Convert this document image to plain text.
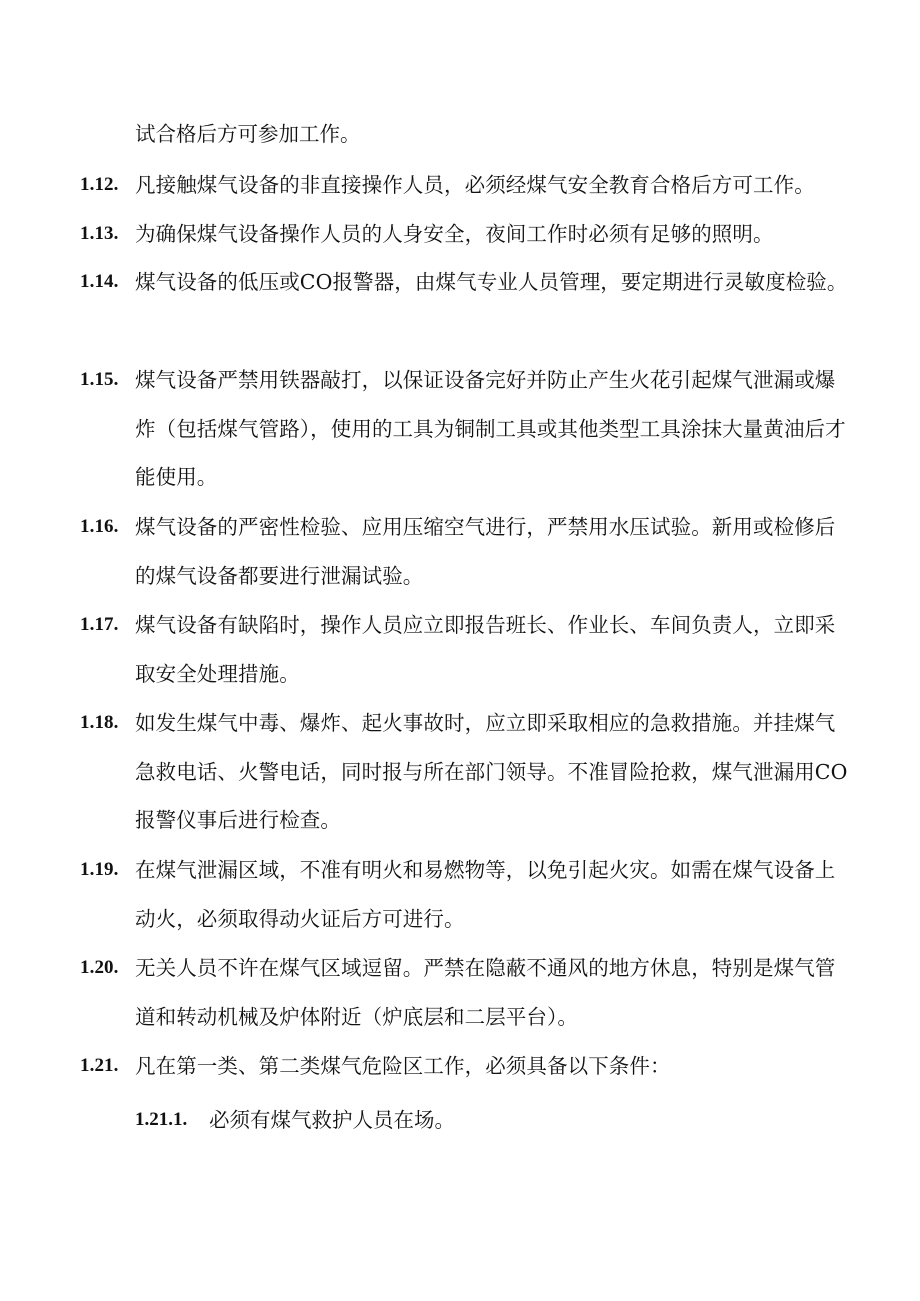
试合格后方可参加工作。
1.12. 凡接触煤气设备的非直接操作人员，必须经煤气安全教育合格后方可工作。
1.13. 为确保煤气设备操作人员的人身安全，夜间工作时必须有足够的照明。
1.14. 煤气设备的低压或CO报警器，由煤气专业人员管理，要定期进行灵敏度检验。
1.15. 煤气设备严禁用铁器敲打，以保证设备完好并防止产生火花引起煤气泄漏或爆炸（包括煤气管路），使用的工具为铜制工具或其他类型工具涂抹大量黄油后才能使用。
1.16. 煤气设备的严密性检验、应用压缩空气进行，严禁用水压试验。新用或检修后的煤气设备都要进行泄漏试验。
1.17. 煤气设备有缺陷时，操作人员应立即报告班长、作业长、车间负责人，立即采取安全处理措施。
1.18. 如发生煤气中毒、爆炸、起火事故时，应立即采取相应的急救措施。并挂煤气急救电话、火警电话，同时报与所在部门领导。不准冒险抢救，煤气泄漏用CO报警仪事后进行检查。
1.19. 在煤气泄漏区域，不准有明火和易燃物等，以免引起火灾。如需在煤气设备上动火，必须取得动火证后方可进行。
1.20. 无关人员不许在煤气区域逗留。严禁在隐蔽不通风的地方休息，特别是煤气管道和转动机械及炉体附近（炉底层和二层平台）。
1.21. 凡在第一类、第二类煤气危险区工作，必须具备以下条件：
1.21.1. 必须有煤气救护人员在场。
